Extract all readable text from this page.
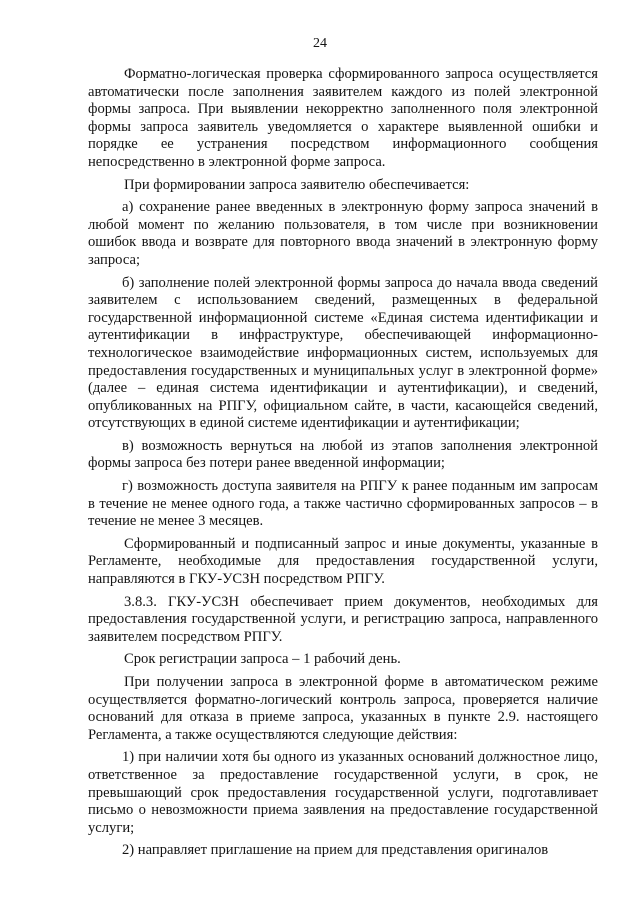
24

Форматно-логическая проверка сформированного запроса осуществляется автоматически после заполнения заявителем каждого из полей электронной формы запроса. При выявлении некорректно заполненного поля электронной формы запроса заявитель уведомляется о характере выявленной ошибки и порядке ее устранения посредством информационного сообщения непосредственно в электронной форме запроса.

При формировании запроса заявителю обеспечивается:

а) сохранение ранее введенных в электронную форму запроса значений в любой момент по желанию пользователя, в том числе при возникновении ошибок ввода и возврате для повторного ввода значений в электронную форму запроса;

б) заполнение полей электронной формы запроса до начала ввода сведений заявителем с использованием сведений, размещенных в федеральной государственной информационной системе «Единая система идентификации и аутентификации в инфраструктуре, обеспечивающей информационно-технологическое взаимодействие информационных систем, используемых для предоставления государственных и муниципальных услуг в электронной форме» (далее – единая система идентификации и аутентификации), и сведений, опубликованных на РПГУ, официальном сайте, в части, касающейся сведений, отсутствующих в единой системе идентификации и аутентификации;

в) возможность вернуться на любой из этапов заполнения электронной формы запроса без потери ранее введенной информации;

г) возможность доступа заявителя на РПГУ к ранее поданным им запросам в течение не менее одного года, а также частично сформированных запросов – в течение не менее 3 месяцев.

Сформированный и подписанный запрос и иные документы, указанные в Регламенте, необходимые для предоставления государственной услуги, направляются в ГКУ-УСЗН посредством РПГУ.

3.8.3. ГКУ-УСЗН обеспечивает прием документов, необходимых для предоставления государственной услуги, и регистрацию запроса, направленного заявителем посредством РПГУ.

Срок регистрации запроса – 1 рабочий день.

При получении запроса в электронной форме в автоматическом режиме осуществляется форматно-логический контроль запроса, проверяется наличие оснований для отказа в приеме запроса, указанных в пункте 2.9. настоящего Регламента, а также осуществляются следующие действия:

1) при наличии хотя бы одного из указанных оснований должностное лицо, ответственное за предоставление государственной услуги, в срок, не превышающий срок предоставления государственной услуги, подготавливает письмо о невозможности приема заявления на предоставление государственной услуги;

2) направляет приглашение на прием для представления оригиналов
